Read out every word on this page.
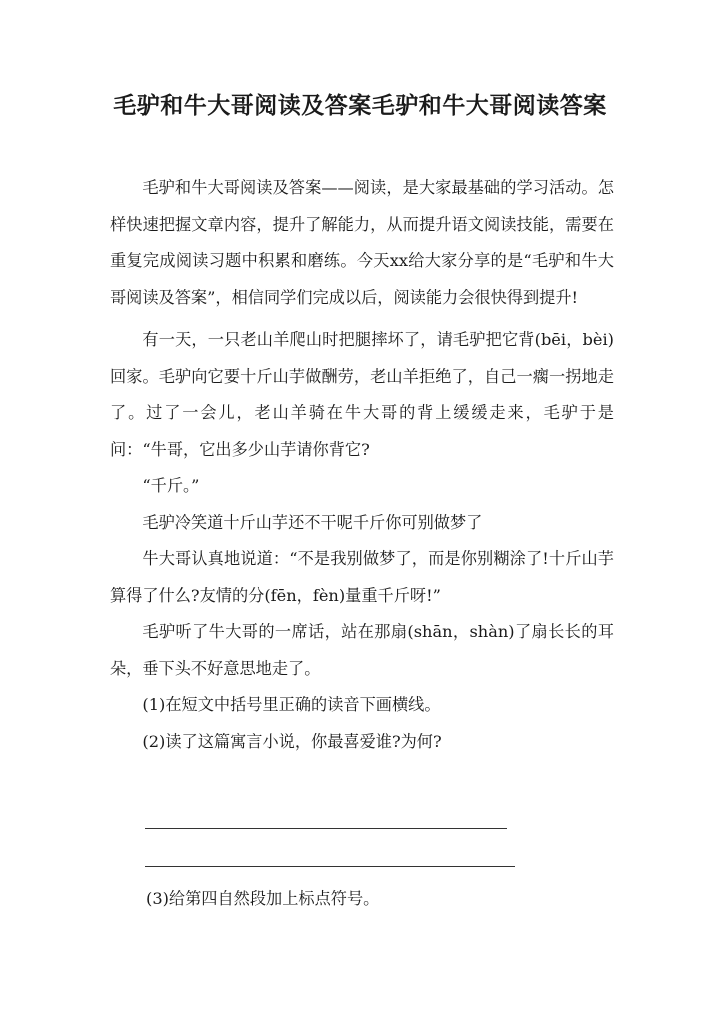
毛驴和牛大哥阅读及答案毛驴和牛大哥阅读答案

毛驴和牛大哥阅读及答案——阅读，是大家最基础的学习活动。怎样快速把握文章内容，提升了解能力，从而提升语文阅读技能，需要在重复完成阅读习题中积累和磨练。今天xx给大家分享的是“毛驴和牛大哥阅读及答案”，相信同学们完成以后，阅读能力会很快得到提升!

有一天，一只老山羊爬山时把腿摔坏了，请毛驴把它背(bēi，bèi)回家。毛驴向它要十斤山芋做酬劳，老山羊拒绝了，自己一瘸一拐地走了。过了一会儿，老山羊骑在牛大哥的背上缓缓走来，毛驴于是问：“牛哥，它出多少山芋请你背它?

“千斤。”

毛驴冷笑道十斤山芋还不干呢千斤你可别做梦了

牛大哥认真地说道：“不是我别做梦了，而是你别糊涂了!十斤山芋算得了什么?友情的分(fēn，fèn)量重千斤呀!”

毛驴听了牛大哥的一席话，站在那扇(shān，shàn)了扇长长的耳朵，垂下头不好意思地走了。

(1)在短文中括号里正确的读音下画横线。

(2)读了这篇寓言小说，你最喜爱谁?为何?

(3)给第四自然段加上标点符号。
